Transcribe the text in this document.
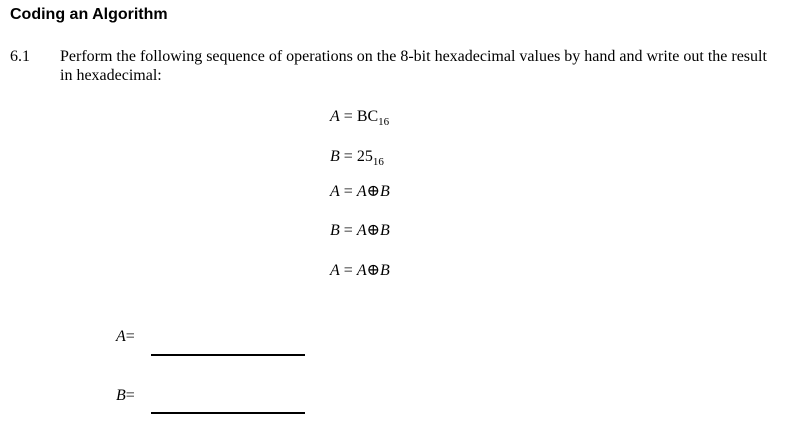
Coding an Algorithm
6.1 Perform the following sequence of operations on the 8-bit hexadecimal values by hand and write out the result in hexadecimal:
$A = BC_{16}$
$B = 25_{16}$
A = A⊕B
B = A⊕B
A = A⊕B
A=
B=
